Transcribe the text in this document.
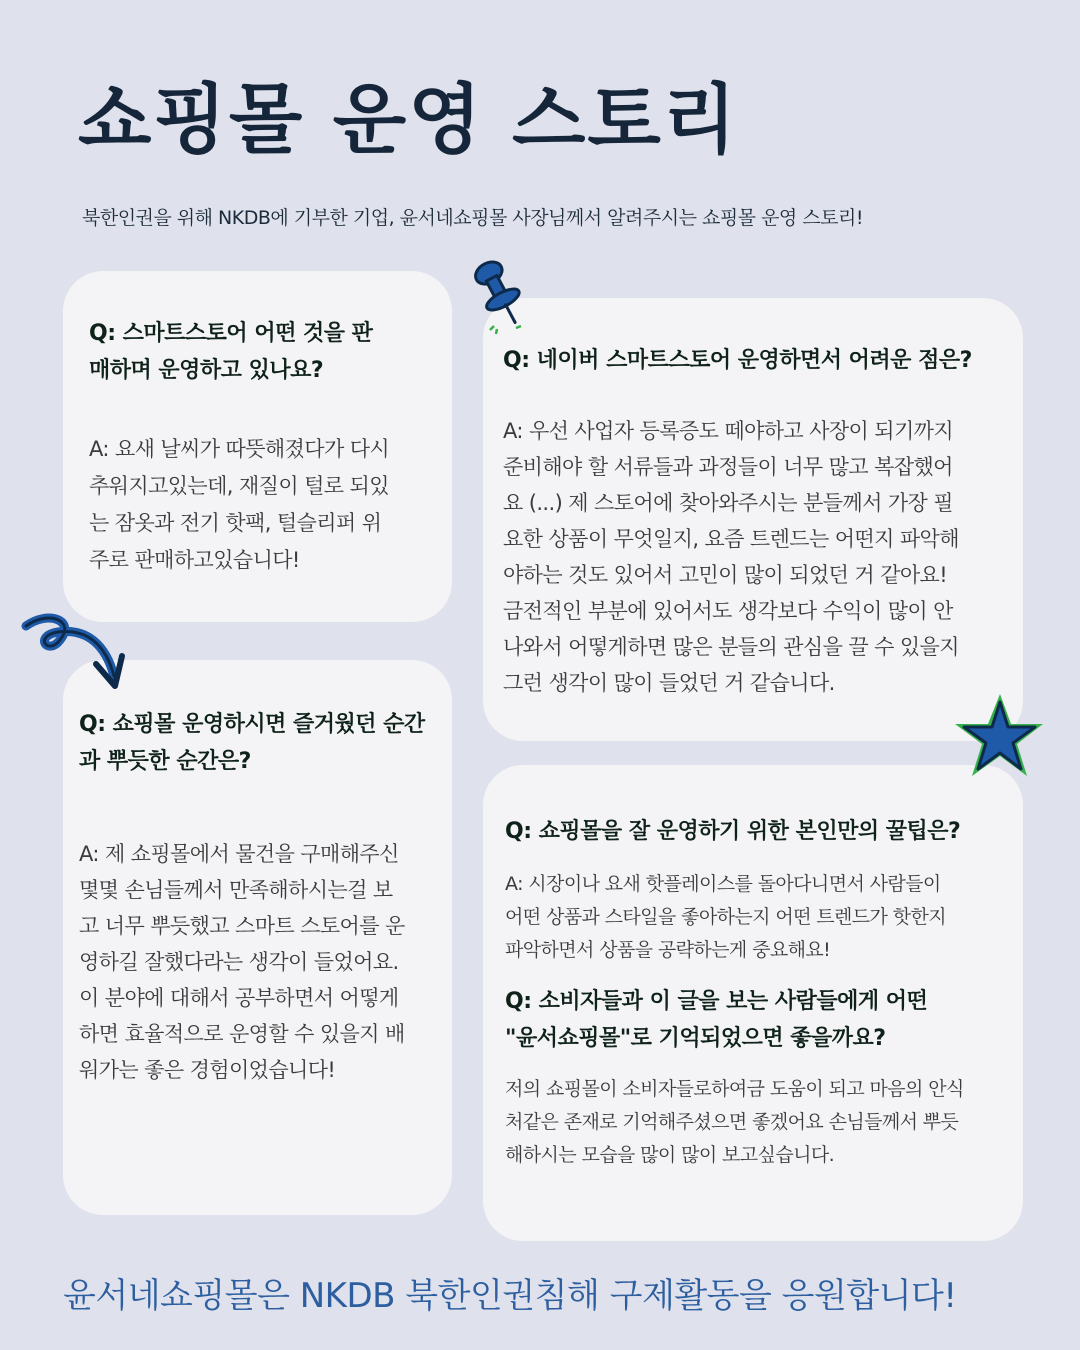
쇼핑몰 운영 스토리
북한인권을 위해 NKDB에 기부한 기업, 윤서네쇼핑몰 사장님께서 알려주시는 쇼핑몰 운영 스토리!

Q: 스마트스토어 어떤 것을 판

매하며 운영하고 있나요?

A: 요새 날씨가 따뜻해졌다가 다시

추워지고있는데, 재질이 털로 되있

는 잠옷과 전기 핫팩, 털슬리퍼 위

주로 판매하고있습니다!

Q: 네이버 스마트스토어 운영하면서 어려운 점은?

A: 우선 사업자 등록증도 떼야하고 사장이 되기까지

준비해야 할 서류들과 과정들이 너무 많고 복잡했어

요 (...) 제 스토어에 찾아와주시는 분들께서 가장 필

요한 상품이 무엇일지, 요즘 트렌드는 어떤지 파악해

야하는 것도 있어서 고민이 많이 되었던 거 같아요!

금전적인 부분에 있어서도 생각보다 수익이 많이 안

나와서 어떻게하면 많은 분들의 관심을 끌 수 있을지

그런 생각이 많이 들었던 거 같습니다.

Q: 쇼핑몰 운영하시면 즐거웠던 순간

과 뿌듯한 순간은?

A: 제 쇼핑몰에서 물건을 구매해주신

몇몇 손님들께서 만족해하시는걸 보

고 너무 뿌듯했고 스마트 스토어를 운

영하길 잘했다라는 생각이 들었어요.

이 분야에 대해서 공부하면서 어떻게

하면 효율적으로 운영할 수 있을지 배

워가는 좋은 경험이었습니다!

Q: 쇼핑몰을 잘 운영하기 위한 본인만의 꿀팁은?

A: 시장이나 요새 핫플레이스를 돌아다니면서 사람들이

어떤 상품과 스타일을 좋아하는지 어떤 트렌드가 핫한지

파악하면서 상품을 공략하는게 중요해요!

Q: 소비자들과 이 글을 보는 사람들에게 어떤

"윤서쇼핑몰"로 기억되었으면 좋을까요?

저의 쇼핑몰이 소비자들로하여금 도움이 되고 마음의 안식

처같은 존재로 기억해주셨으면 좋겠어요 손님들께서 뿌듯

해하시는 모습을 많이 많이 보고싶습니다.

윤서네쇼핑몰은 NKDB 북한인권침해 구제활동을 응원합니다!
